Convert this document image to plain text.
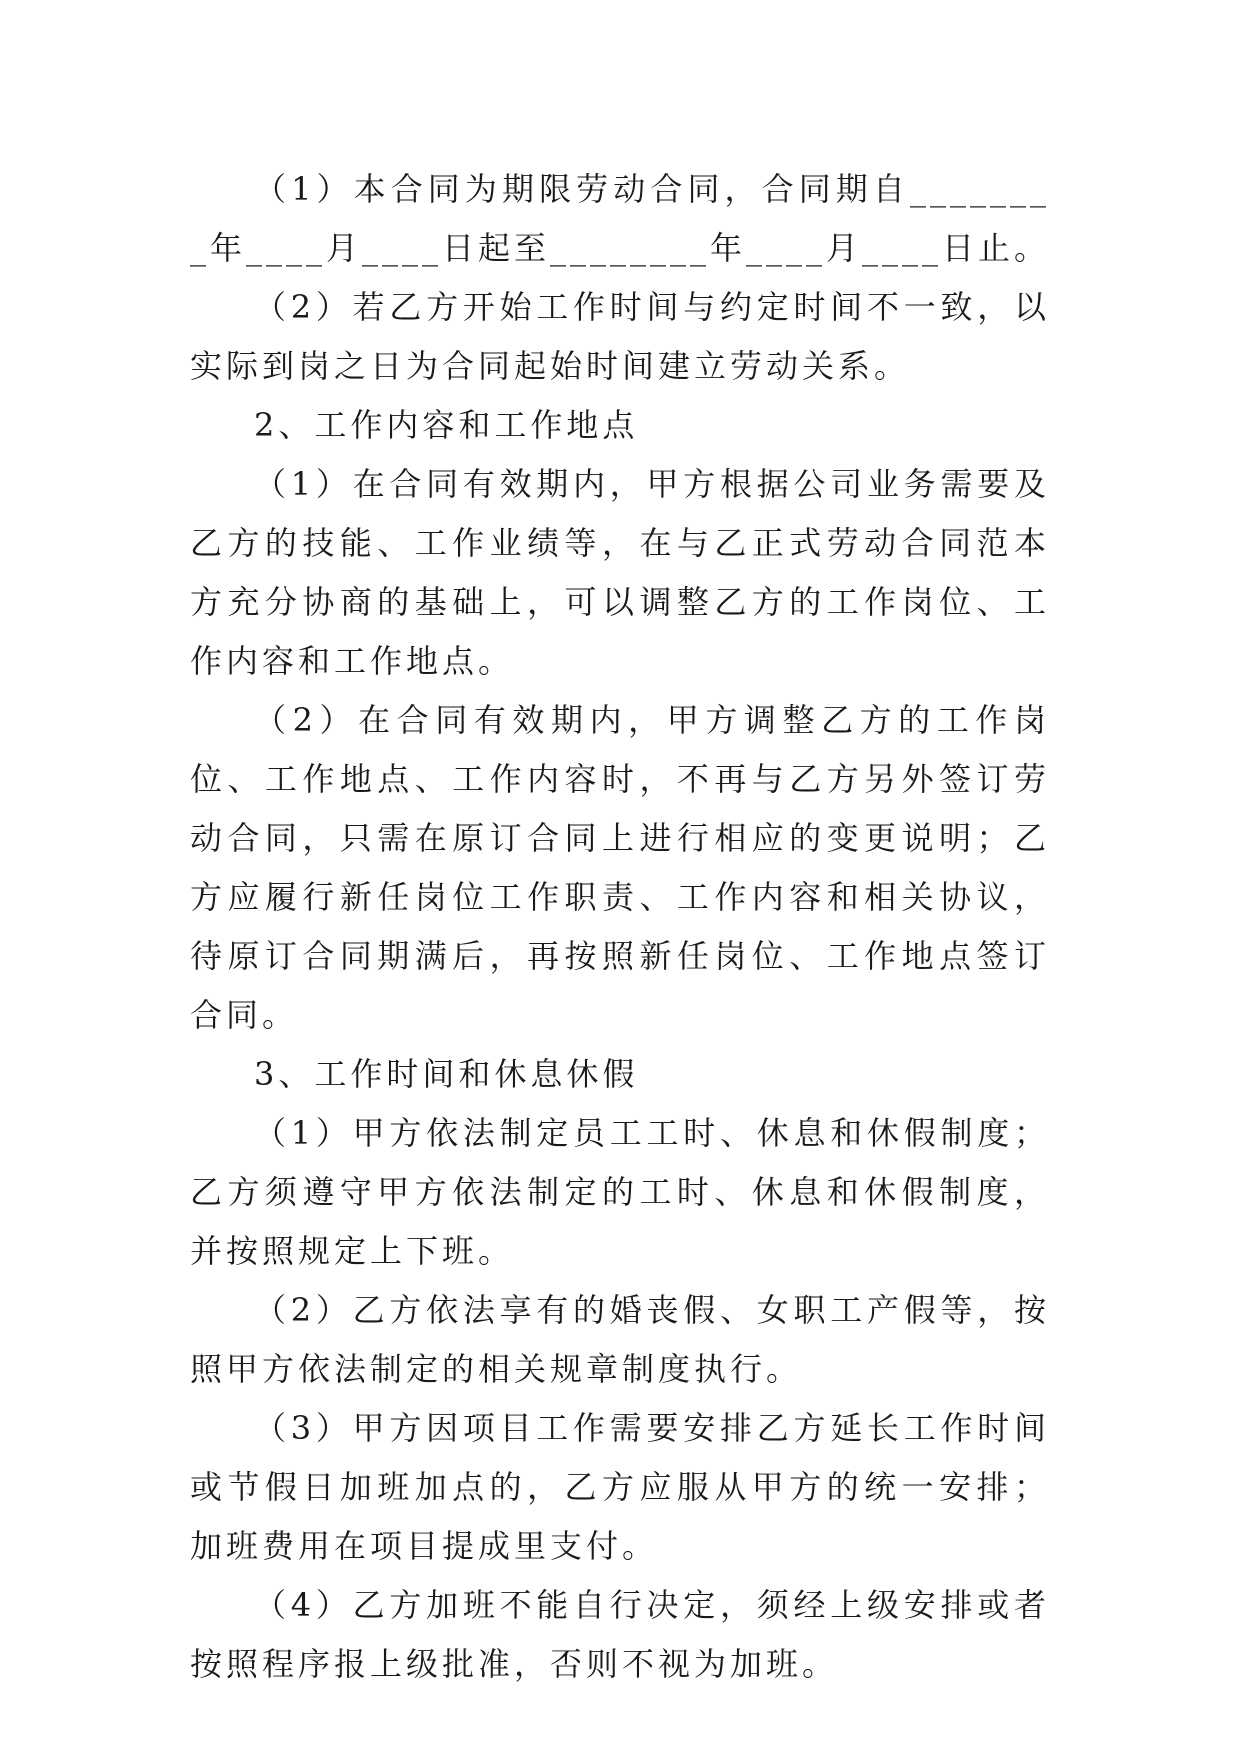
（1）本合同为期限劳动合同，合同期自________年____月____日起至________年____月____日止。

（2）若乙方开始工作时间与约定时间不一致，以实际到岗之日为合同起始时间建立劳动关系。

2、工作内容和工作地点

（1）在合同有效期内，甲方根据公司业务需要及乙方的技能、工作业绩等，在与乙正式劳动合同范本方充分协商的基础上，可以调整乙方的工作岗位、工作内容和工作地点。

（2）在合同有效期内，甲方调整乙方的工作岗位、工作地点、工作内容时，不再与乙方另外签订劳动合同，只需在原订合同上进行相应的变更说明；乙方应履行新任岗位工作职责、工作内容和相关协议，待原订合同期满后，再按照新任岗位、工作地点签订合同。

3、工作时间和休息休假

（1）甲方依法制定员工工时、休息和休假制度；乙方须遵守甲方依法制定的工时、休息和休假制度，并按照规定上下班。

（2）乙方依法享有的婚丧假、女职工产假等，按照甲方依法制定的相关规章制度执行。

（3）甲方因项目工作需要安排乙方延长工作时间或节假日加班加点的，乙方应服从甲方的统一安排；加班费用在项目提成里支付。

（4）乙方加班不能自行决定，须经上级安排或者按照程序报上级批准，否则不视为加班。
